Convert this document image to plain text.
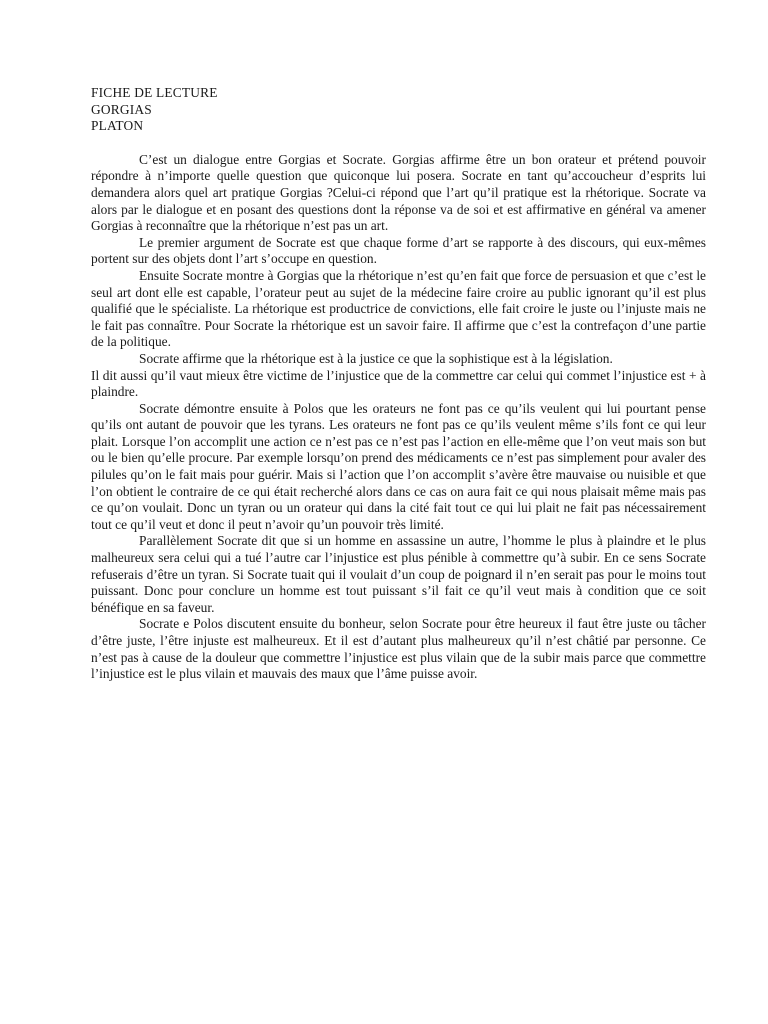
FICHE DE LECTURE

GORGIAS

PLATON

C’est un dialogue entre Gorgias et Socrate. Gorgias affirme être un bon orateur et prétend pouvoir répondre à n’importe quelle question que quiconque lui posera. Socrate en tant qu’accoucheur d’esprits lui demandera alors quel art pratique Gorgias ?Celui-ci répond que l’art qu’il pratique est la rhétorique. Socrate va alors par le dialogue et en posant des questions dont la réponse va de soi et est affirmative en général va amener Gorgias à reconnaître que la rhétorique n’est pas un art.

Le premier argument de Socrate est que chaque forme d’art se rapporte à des discours, qui eux-mêmes portent sur des objets dont l’art s’occupe en question.

Ensuite Socrate montre à Gorgias que la rhétorique n’est qu’en fait que force de persuasion et que c’est le seul art dont elle est capable, l’orateur peut au sujet de la médecine faire croire au public ignorant qu’il est plus qualifié que le spécialiste. La rhétorique est productrice de convictions, elle fait croire le juste ou l’injuste mais ne le fait pas connaître. Pour Socrate la rhétorique est un savoir faire. Il affirme que c’est la contrefaçon d’une partie de la politique.

Socrate affirme que la rhétorique est à la justice ce que la sophistique est à la législation.

Il dit aussi qu’il vaut mieux être victime de l’injustice que de la commettre car celui qui commet l’injustice est + à plaindre.

Socrate démontre ensuite à Polos que les orateurs ne font pas ce qu’ils veulent qui lui pourtant pense qu’ils ont autant de pouvoir que les tyrans. Les orateurs ne font pas ce qu’ils veulent même s’ils font ce qui leur plait. Lorsque l’on accomplit une action ce n’est pas ce n’est pas l’action en elle-même que l’on veut mais son but ou le bien qu’elle procure. Par exemple lorsqu’on prend des médicaments ce n’est pas simplement pour avaler des pilules qu’on le fait mais pour guérir. Mais si l’action que l’on accomplit s’avère être mauvaise ou nuisible et que l’on obtient le contraire de ce qui était recherché alors dans ce cas on aura fait ce qui nous plaisait même mais pas ce qu’on voulait. Donc un tyran ou un orateur qui dans la cité fait tout ce qui lui plait ne fait pas nécessairement tout ce qu’il veut et donc il peut n’avoir qu’un pouvoir très limité.

Parallèlement Socrate dit que si un homme en assassine un autre, l’homme le plus à plaindre et le plus malheureux sera celui qui a tué l’autre car l’injustice est plus pénible à commettre qu’à subir. En ce sens Socrate refuserais d’être un tyran. Si Socrate tuait qui il voulait d’un coup de poignard il n’en serait pas pour le moins tout puissant. Donc pour conclure un homme est tout puissant s’il fait ce qu’il veut mais à condition que ce soit bénéfique en sa faveur.

Socrate e Polos discutent ensuite du bonheur, selon Socrate pour être heureux il faut être juste ou tâcher d’être juste, l’être injuste est malheureux. Et il est d’autant plus malheureux qu’il n’est châtié par personne. Ce n’est pas à cause de la douleur que commettre l’injustice est plus vilain que de la subir mais parce que commettre l’injustice est le plus vilain et mauvais des maux que l’âme puisse avoir.
